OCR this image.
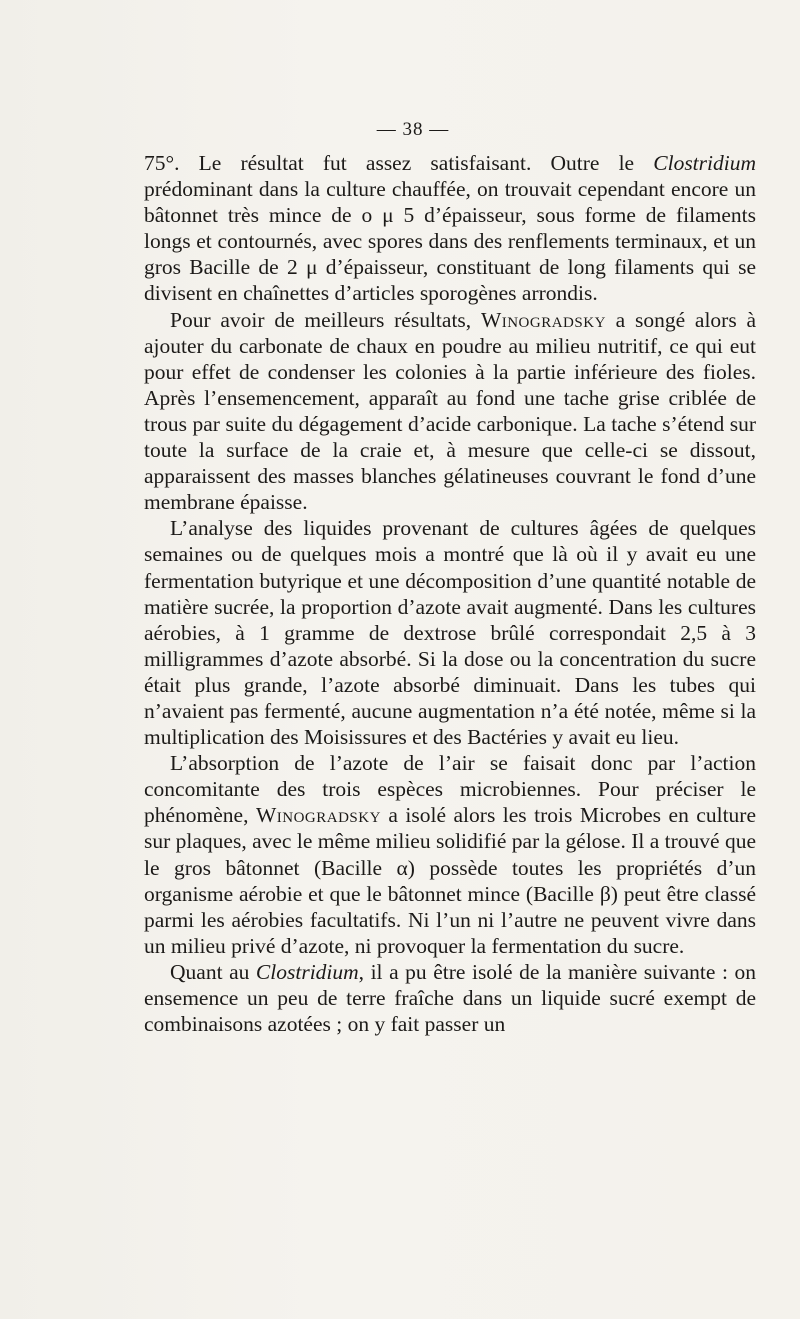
— 38 —

75°. Le résultat fut assez satisfaisant. Outre le Clostridium prédominant dans la culture chauffée, on trouvait cependant encore un bâtonnet très mince de o μ 5 d’épaisseur, sous forme de filaments longs et contournés, avec spores dans des renflements terminaux, et un gros Bacille de 2 μ d’épaisseur, constituant de long filaments qui se divisent en chaînettes d’articles sporogènes arrondis.

Pour avoir de meilleurs résultats, Winogradsky a songé alors à ajouter du carbonate de chaux en poudre au milieu nutritif, ce qui eut pour effet de condenser les colonies à la partie inférieure des fioles. Après l’ensemencement, apparaît au fond une tache grise criblée de trous par suite du dégagement d’acide carbonique. La tache s’étend sur toute la surface de la craie et, à mesure que celle-ci se dissout, apparaissent des masses blanches gélatineuses couvrant le fond d’une membrane épaisse.

L’analyse des liquides provenant de cultures âgées de quelques semaines ou de quelques mois a montré que là où il y avait eu une fermentation butyrique et une décomposition d’une quantité notable de matière sucrée, la proportion d’azote avait augmenté. Dans les cultures aérobies, à 1 gramme de dextrose brûlé correspondait 2,5 à 3 milligrammes d’azote absorbé. Si la dose ou la concentration du sucre était plus grande, l’azote absorbé diminuait. Dans les tubes qui n’avaient pas fermenté, aucune augmentation n’a été notée, même si la multiplication des Moisissures et des Bactéries y avait eu lieu.

L’absorption de l’azote de l’air se faisait donc par l’action concomitante des trois espèces microbiennes. Pour préciser le phénomène, Winogradsky a isolé alors les trois Microbes en culture sur plaques, avec le même milieu solidifié par la gélose. Il a trouvé que le gros bâtonnet (Bacille α) possède toutes les propriétés d’un organisme aérobie et que le bâtonnet mince (Bacille β) peut être classé parmi les aérobies facultatifs. Ni l’un ni l’autre ne peuvent vivre dans un milieu privé d’azote, ni provoquer la fermentation du sucre.

Quant au Clostridium, il a pu être isolé de la manière suivante : on ensemence un peu de terre fraîche dans un liquide sucré exempt de combinaisons azotées ; on y fait passer un
